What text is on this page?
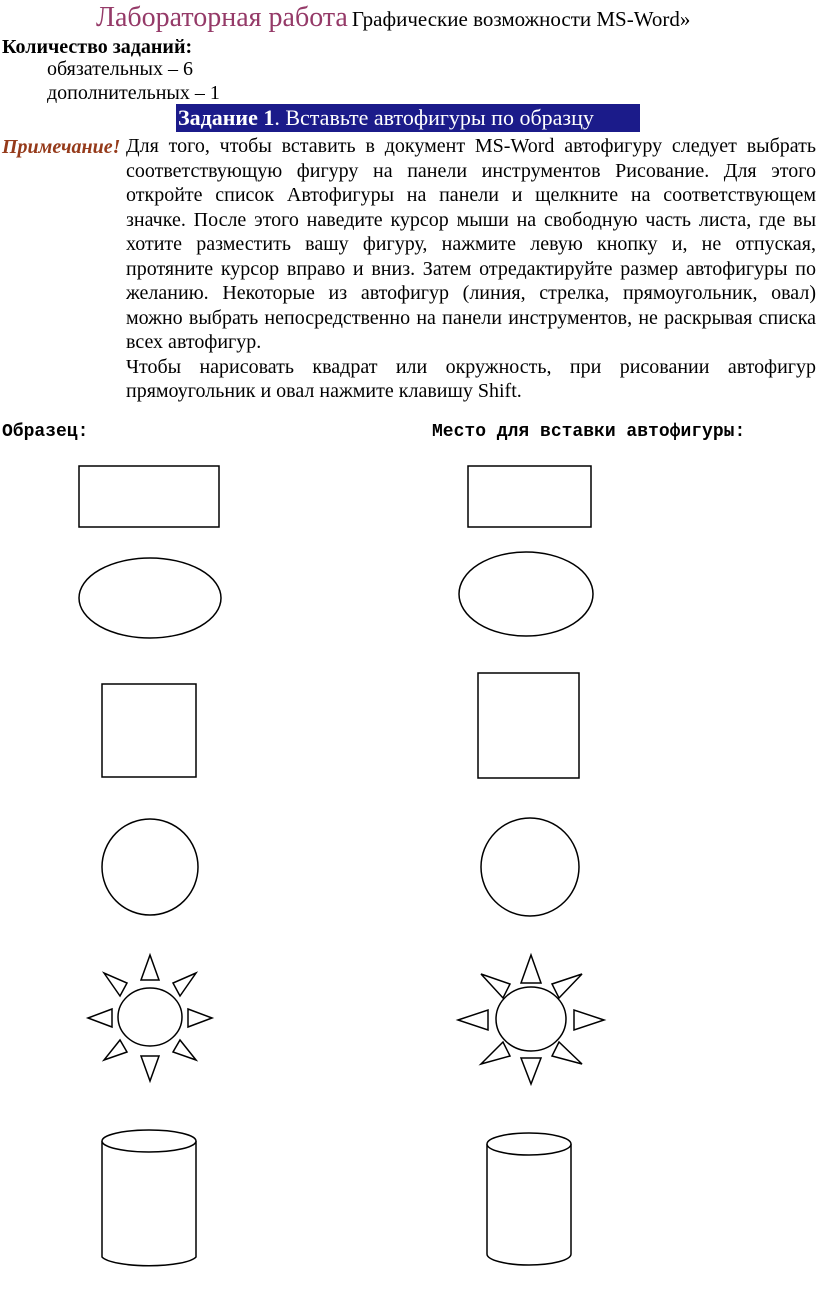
Лабораторная работа Графические возможности MS-Word»
Количество заданий:
обязательных – 6
дополнительных – 1
Задание 1. Вставьте автофигуры по образцу
Примечание! Для того, чтобы вставить в документ MS-Word автофигуру следует выбрать соответствующую фигуру на панели инструментов Рисование. Для этого откройте список Автофигуры на панели и щелкните на соответствующем значке. После этого наведите курсор мыши на свободную часть листа, где вы хотите разместить вашу фигуру, нажмите левую кнопку и, не отпуская, протяните курсор вправо и вниз. Затем отредактируйте размер автофигуры по желанию. Некоторые из автофигур (линия, стрелка, прямоугольник, овал) можно выбрать непосредственно на панели инструментов, не раскрывая списка всех автофигур.

Чтобы нарисовать квадрат или окружность, при рисовании автофигур прямоугольник и овал нажмите клавишу Shift.

Образец:	Место для вставки автофигуры:
